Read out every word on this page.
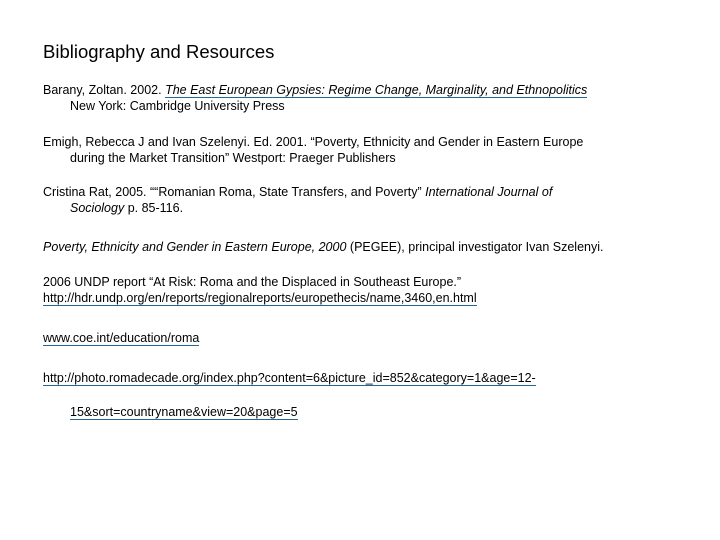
Bibliography and Resources
Barany, Zoltan. 2002. The East European Gypsies: Regime Change, Marginality, and Ethnopolitics
New York: Cambridge University Press
Emigh, Rebecca J and Ivan Szelenyi. Ed. 2001. “Poverty, Ethnicity and Gender in Eastern Europe
during the Market Transition” Westport: Praeger Publishers
Cristina Rat, 2005. ““Romanian Roma, State Transfers, and Poverty” International Journal of
Sociology p. 85-116.
Poverty, Ethnicity and Gender in Eastern Europe, 2000 (PEGEE), principal investigator Ivan Szelenyi.
2006 UNDP report “At Risk: Roma and the Displaced in Southeast Europe.”
http://hdr.undp.org/en/reports/regionalreports/europethecis/name,3460,en.html
www.coe.int/education/roma
http://photo.romadecade.org/index.php?content=6&picture_id=852&category=1&age=12-
15&sort=countryname&view=20&page=5
